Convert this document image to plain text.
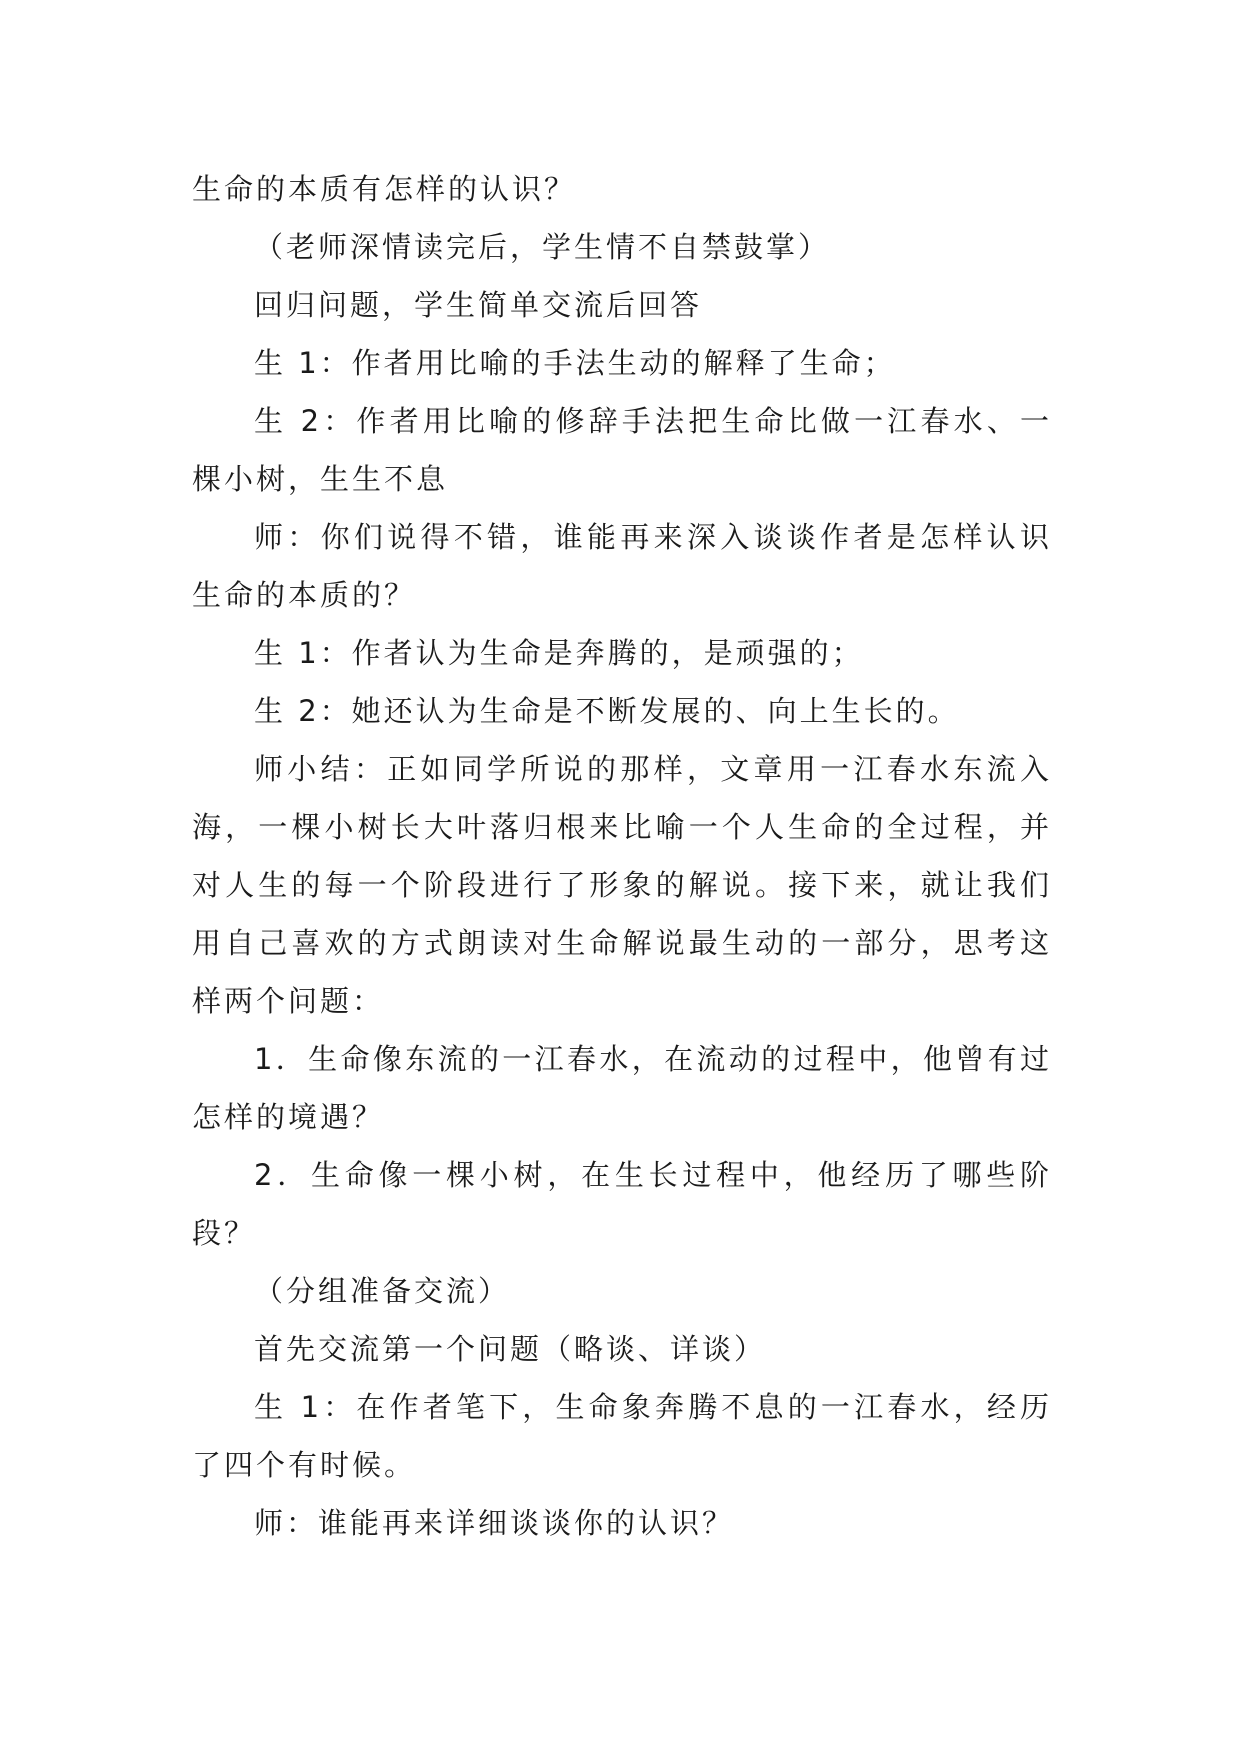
生命的本质有怎样的认识？

（老师深情读完后，学生情不自禁鼓掌）

回归问题，学生简单交流后回答

生 1：作者用比喻的手法生动的解释了生命；

生 2：作者用比喻的修辞手法把生命比做一江春水、一棵小树，生生不息

师：你们说得不错，谁能再来深入谈谈作者是怎样认识生命的本质的？

生 1：作者认为生命是奔腾的，是顽强的；

生 2：她还认为生命是不断发展的、向上生长的。

师小结：正如同学所说的那样，文章用一江春水东流入海，一棵小树长大叶落归根来比喻一个人生命的全过程，并对人生的每一个阶段进行了形象的解说。接下来，就让我们用自己喜欢的方式朗读对生命解说最生动的一部分，思考这样两个问题：

1．生命像东流的一江春水，在流动的过程中，他曾有过怎样的境遇？

2．生命像一棵小树，在生长过程中，他经历了哪些阶段？

（分组准备交流）

首先交流第一个问题（略谈、详谈）

生 1：在作者笔下，生命象奔腾不息的一江春水，经历了四个有时候。

师：谁能再来详细谈谈你的认识？
